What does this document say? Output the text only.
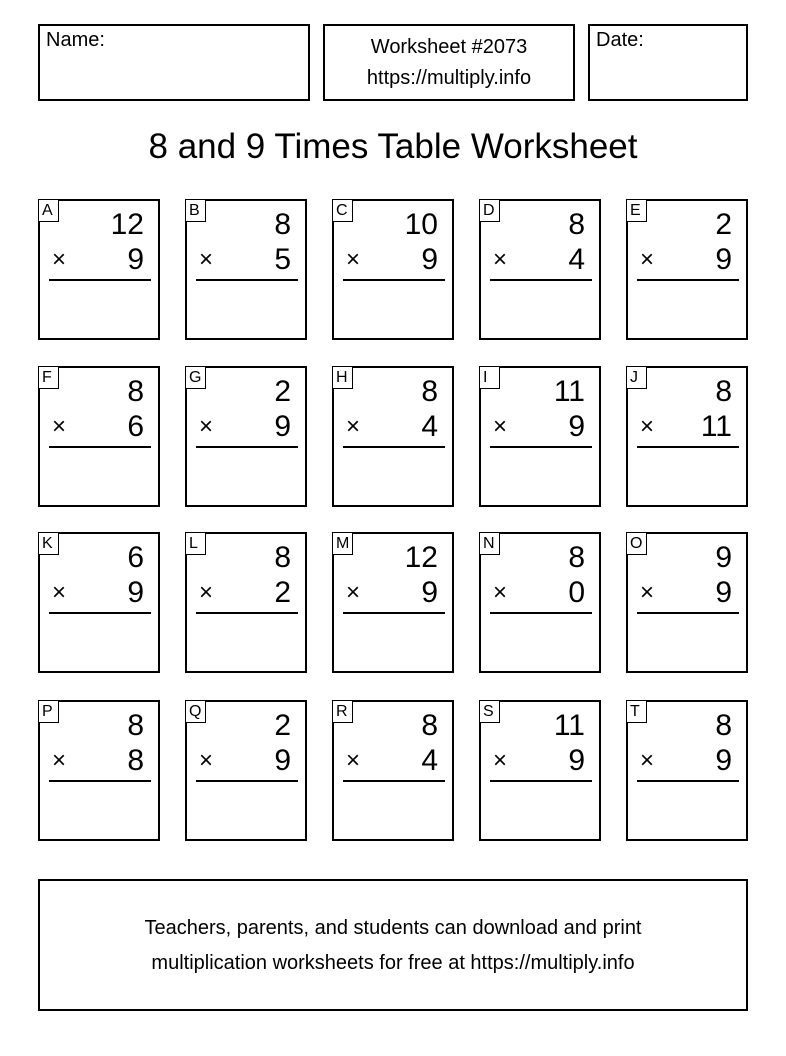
Name:	Worksheet #2073
https://multiply.info
Date:
8 and 9 Times Table Worksheet
A 12
× 9
B 8
× 5
C 10
× 9
D 8
× 4
E 2
× 9
F	8
× 6
G 2
× 9
H 8
× 4
I	11
× 9
J	8
× 11
K 6
× 9
L	8
× 2
M 12
× 9
N 8
× 0
O 9
× 9
P 8
× 8
Q 2
× 9
R 8
× 4
S 11
× 9
T	8
× 9
Teachers, parents, and students can download and print
multiplication worksheets for free at https://multiply.info
